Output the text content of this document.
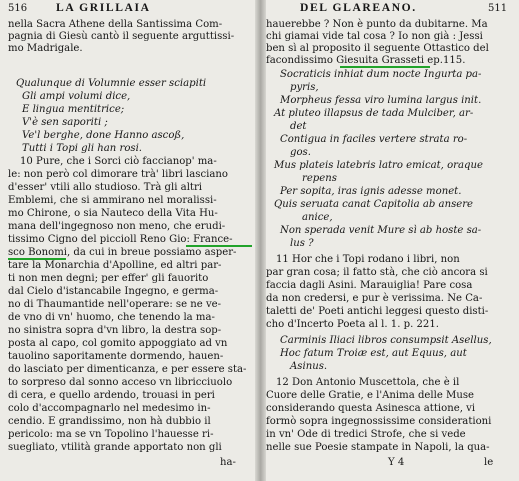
516 LA GRILLAIA
nella Sacra Athene della Santissima Com-
pagnia di Giesù cantò il seguente arguttissi-
mo Madrigale.
Qualunque di Volumnie esser sciapiti
Gli ampi volumi dice,
E lingua mentitrice;
V'è sen saporiti ;
Ve'l berghe, done Hanno ascoß,
Tutti i Topi gli han rosi.
10 Pure, che i Sorci ciò faccianop' ma-
le: non però col dimorare trà' libri lasciano
d'esser' vtili allo studioso. Trà gli altri
Emblemi, che si ammirano nel moralissi-
mo Chirone, o sia Nauteco della Vita Hu-
mana dell'ingegnoso non meno, che erudi-
tissimo Cigno del piccioll Reno Gio: France-
sco Bonomi, da cui in breue possiamo asper-
tare la Monarchia d'Apolline, ed altri par-
ti non men degni; per effer' gli fauorito
dal Cielo d'istancabile Ingegno, e germa-
no di Thaumantide nell'operare: se ne ve-
de vno di vn' huomo, che tenendo la ma-
no sinistra sopra d'vn libro, la destra sop-
posta al capo, col gomito appoggiato ad vn
tauolino saporitamente dormendo, hauen-
do lasciato per dimenticanza, e per essere sta-
to sorpreso dal sonno acceso vn libricciuolo
di cera, e quello ardendo, trouasi in peri
colo d'accompagnarlo nel medesimo in-
cendio. E grandissimo, non hà dubbio il
pericolo: ma se vn Topolino l'hauesse ri-
suegliato, vtilità grande apportato non gli
ha-
DEL GLAREANO.	511
hauerebbe ? Non è punto da dubitarne. Ma
chi giamai vide tal cosa ? Io non già : Jessi
ben sì al proposito il seguente Ottastico del
facondissimo Giesuita Grasseti ep.115.
Socraticis inhiat dum nocte Ingurta pa-
pyris,
Morpheus fessa viro lumina largus init.
At pluteo illapsus de tada Mulciber, ar-
det
Contigua in faciles vertere strata ro-
gos.
Mus plateis latebris latro emicat, oraque
repens
Per sopita, iras ignis adesse monet.
Quis seruata canat Capitolia ab ansere
anice,
Non sperada venit Mure sì ab hoste sa-
lus ?
11 Hor che i Topi rodano i libri, non
par gran cosa; il fatto stà, che ciò ancora si
faccia dagli Asini. Marauiglia! Pare cosa
da non credersi, e pur è verissima. Ne Ca-
taletti de' Poeti antichi leggesi questo disti-
cho d'Incerto Poeta al l. 1. p. 221.
Carminis Iliaci libros consumpsit Asellus,
Hoc fatum Troiæ est, aut Equus, aut
Asinus.
12 Don Antonio Muscettola, che è il
Cuore delle Gratie, e l'Anima delle Muse
considerando questa Asinesca attione, vi
formò sopra ingegnossissime considerationi
in vn' Ode di tredici Strofe, che si vede
nelle sue Poesie stampate in Napoli, la qua-
Y 4	le
